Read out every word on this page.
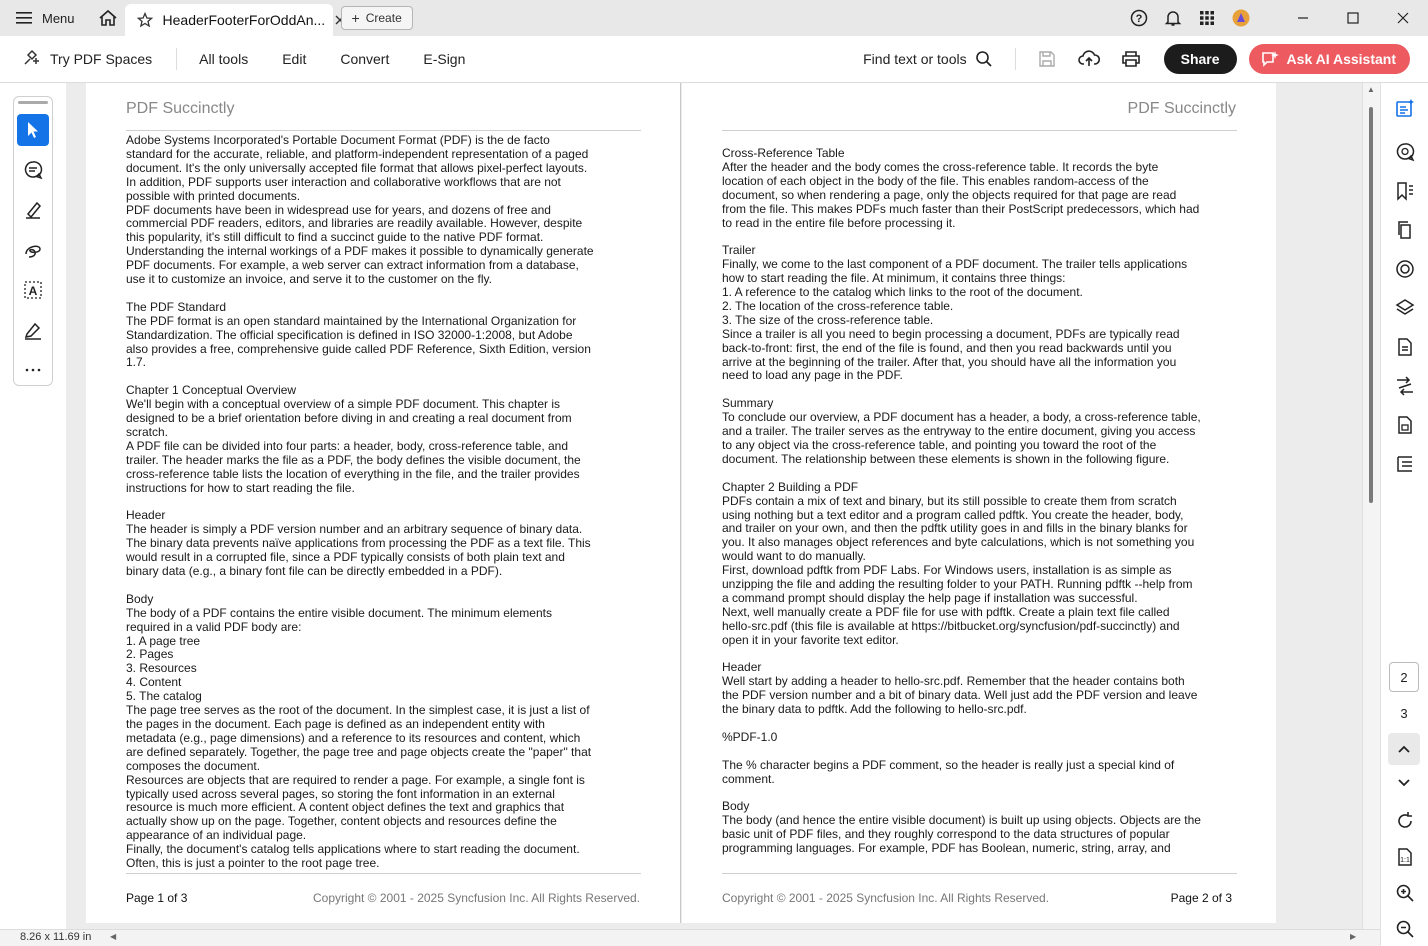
Menu	HeaderFooterForOddAn... + Create	?
Try PDF Spaces	All tools	Edit	Convert	E-Sign	Find text or tools	Share	Ask AI Assistant
A
PDF Succinctly

Adobe Systems Incorporated's Portable Document Format (PDF) is the de facto standard for the accurate, reliable, and platform-independent representation of a paged document. It's the only universally accepted file format that allows pixel-perfect layouts. In addition, PDF supports user interaction and collaborative workflows that are not possible with printed documents.

PDF documents have been in widespread use for years, and dozens of free and commercial PDF readers, editors, and libraries are readily available. However, despite this popularity, it's still difficult to find a succinct guide to the native PDF format. Understanding the internal workings of a PDF makes it possible to dynamically generate PDF documents. For example, a web server can extract information from a database, use it to customize an invoice, and serve it to the customer on the fly.

The PDF Standard

The PDF format is an open standard maintained by the International Organization for Standardization. The official specification is defined in ISO 32000-1:2008, but Adobe also provides a free, comprehensive guide called PDF Reference, Sixth Edition, version 1.7.

Chapter 1 Conceptual Overview

We'll begin with a conceptual overview of a simple PDF document. This chapter is designed to be a brief orientation before diving in and creating a real document from scratch.

A PDF file can be divided into four parts: a header, body, cross-reference table, and trailer. The header marks the file as a PDF, the body defines the visible document, the cross-reference table lists the location of everything in the file, and the trailer provides instructions for how to start reading the file.

Header

The header is simply a PDF version number and an arbitrary sequence of binary data. The binary data prevents naïve applications from processing the PDF as a text file. This would result in a corrupted file, since a PDF typically consists of both plain text and binary data (e.g., a binary font file can be directly embedded in a PDF).

Body

The body of a PDF contains the entire visible document. The minimum elements required in a valid PDF body are:

1. A page tree

2. Pages

3. Resources

4. Content

5. The catalog

The page tree serves as the root of the document. In the simplest case, it is just a list of the pages in the document. Each page is defined as an independent entity with metadata (e.g., page dimensions) and a reference to its resources and content, which are defined separately. Together, the page tree and page objects create the "paper" that composes the document.

Resources are objects that are required to render a page. For example, a single font is typically used across several pages, so storing the font information in an external resource is much more efficient. A content object defines the text and graphics that actually show up on the page. Together, content objects and resources define the appearance of an individual page.

Finally, the document's catalog tells applications where to start reading the document. Often, this is just a pointer to the root page tree.

Page 1 of 3	Copyright © 2001 - 2025 Syncfusion Inc. All Rights Reserved.
PDF Succinctly

Cross-Reference Table

After the header and the body comes the cross-reference table. It records the byte location of each object in the body of the file. This enables random-access of the document, so when rendering a page, only the objects required for that page are read from the file. This makes PDFs much faster than their PostScript predecessors, which had to read in the entire file before processing it.

Trailer

Finally, we come to the last component of a PDF document. The trailer tells applications how to start reading the file. At minimum, it contains three things:

1. A reference to the catalog which links to the root of the document.

2. The location of the cross-reference table.

3. The size of the cross-reference table.

Since a trailer is all you need to begin processing a document, PDFs are typically read back-to-front: first, the end of the file is found, and then you read backwards until you arrive at the beginning of the trailer. After that, you should have all the information you need to load any page in the PDF.

Summary

To conclude our overview, a PDF document has a header, a body, a cross-reference table, and a trailer. The trailer serves as the entryway to the entire document, giving you access to any object via the cross-reference table, and pointing you toward the root of the document. The relationship between these elements is shown in the following figure.

Chapter 2 Building a PDF

PDFs contain a mix of text and binary, but its still possible to create them from scratch using nothing but a text editor and a program called pdftk. You create the header, body, and trailer on your own, and then the pdftk utility goes in and fills in the binary blanks for you. It also manages object references and byte calculations, which is not something you would want to do manually.

First, download pdftk from PDF Labs. For Windows users, installation is as simple as unzipping the file and adding the resulting folder to your PATH. Running pdftk --help from a command prompt should display the help page if installation was successful.

Next, well manually create a PDF file for use with pdftk. Create a plain text file called hello-src.pdf (this file is available at https://bitbucket.org/syncfusion/pdf-succinctly) and open it in your favorite text editor.

Header

Well start by adding a header to hello-src.pdf. Remember that the header contains both the PDF version number and a bit of binary data. Well just add the PDF version and leave the binary data to pdftk. Add the following to hello-src.pdf.

%PDF-1.0

The % character begins a PDF comment, so the header is really just a special kind of comment.

Body

The body (and hence the entire visible document) is built up using objects. Objects are the basic unit of PDF files, and they roughly correspond to the data structures of popular programming languages. For example, PDF has Boolean, numeric, string, array, and

Copyright © 2001 - 2025 Syncfusion Inc. All Rights Reserved.	Page 2 of 3
▲
2
3
1:1
8.26 x 11.69 in ◀	▶
